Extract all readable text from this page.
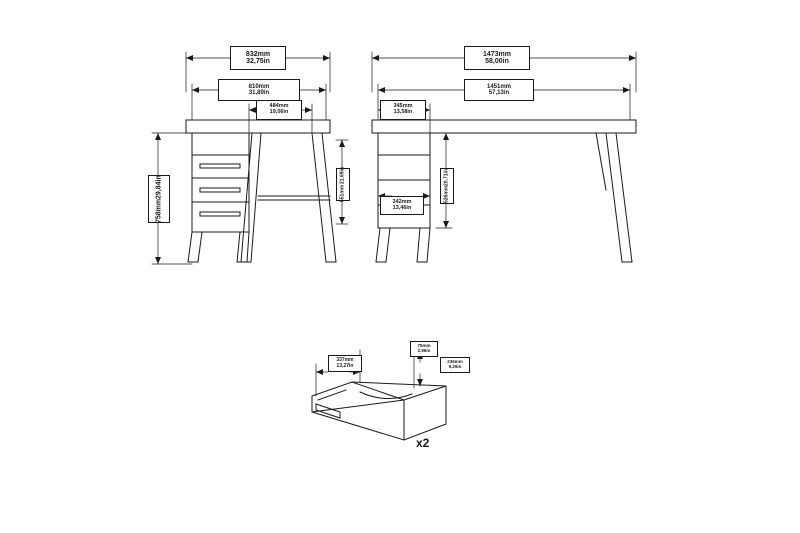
832mm
32,75in
810mm
31,89in
484mm
19,06in
758mm
29,84in	551mm
21,69in
1473mm
58,00in
1451mm
57,13in
345mm
13,58in
342mm
13,46in
526mm
20,71in
337mm
13,27in
75mm
2,96in
236mm
9,29in
x2
